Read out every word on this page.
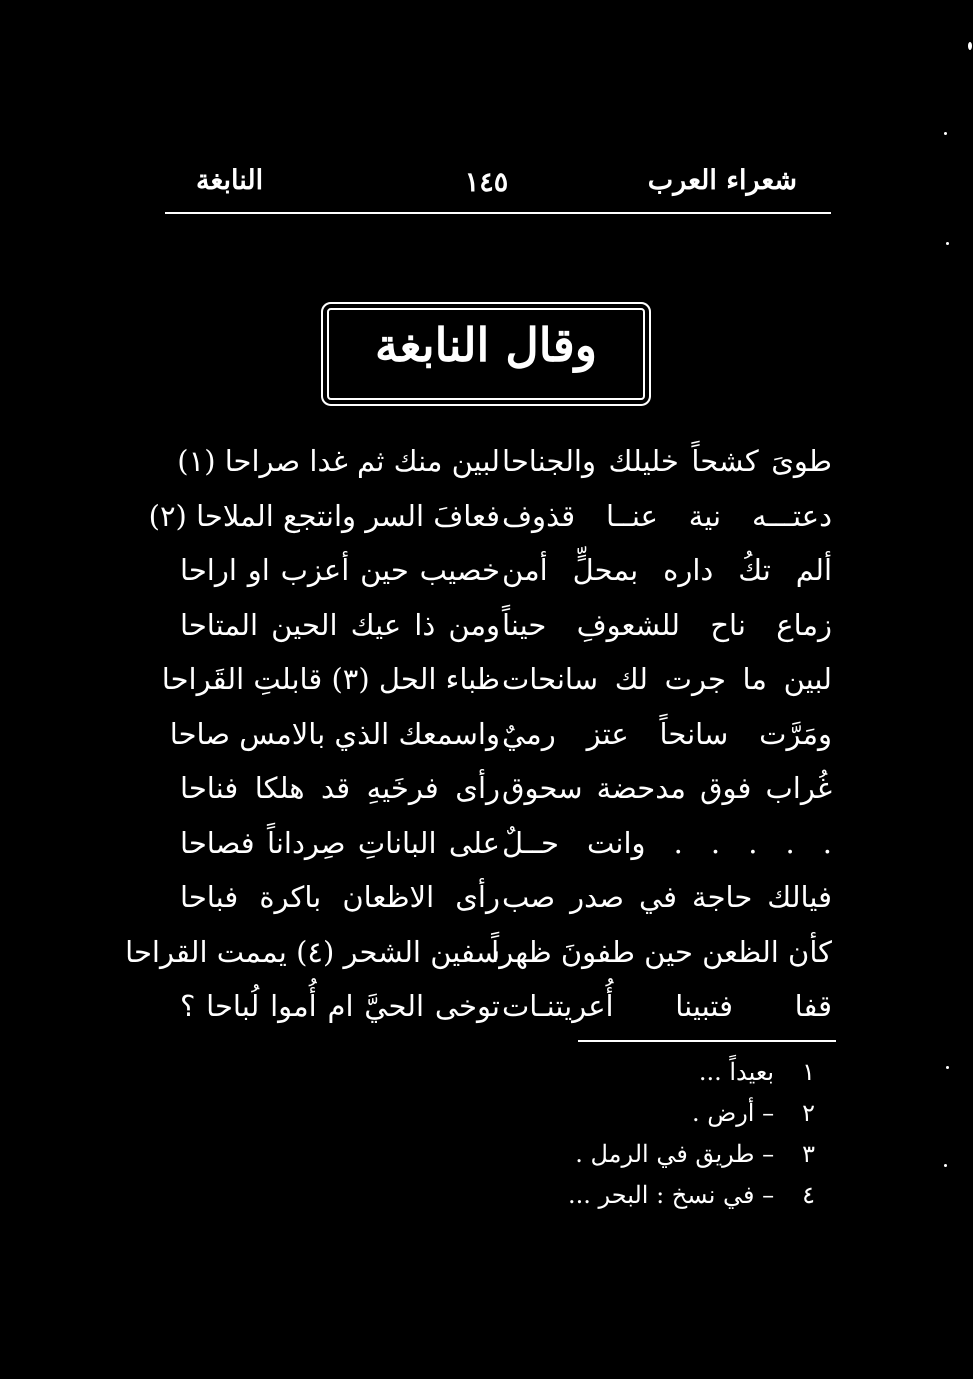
شعراء العرب
١٤٥
النابغة
وقال النابغة
طوىَ كشحاً خليلك والجناحا
لبين منك ثم غدا صراحا (١)
دعتـــه نية عنــا قذوف
فعافَ السر وانتجع الملاحا (٢)
ألم تكُ داره بمحلٍّ أمن
خصيب حين أعزب او اراحا
زماع ناح للشعوفِ حيناً
ومن ذا عيك الحين المتاحا
لبين ما جرت لك سانحات
ظباء الحل (٣) قابلتِ القَراحا
ومَرَّت سانحاً عتز رميٌ
واسمعك الذي بالامس صاحا
غُراب فوق مدحضة سحوق
رأى فرخَيهِ قد هلكا فناحا
. . . . . وانت حــلٌ
على الباناتِ صِرداناً فصاحا
فيالك حاجة في صدر صب
رأى الاظعان باكرة فباحا
كأن الظعن حين طفونَ ظهراً
سفين الشحر (٤) يممت القراحا
قفا فتبينا أُعريتنـات
توخى الحيَّ ام أُموا لُباحا ؟
١بعيداً ...
٢– أرض .
٣– طريق في الرمل .
٤– في نسخ : البحر ...
